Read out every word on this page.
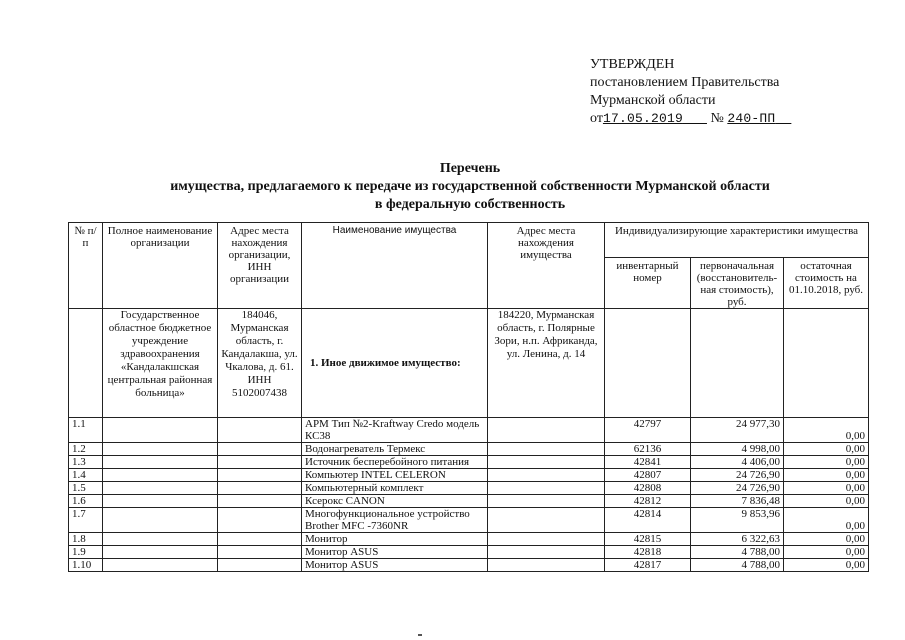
УТВЕРЖДЕН
постановлением Правительства
Мурманской области
от17.05.2019 № 240-ПП
Перечень
имущества, предлагаемого к передаче из государственной собственности Мурманской области
в федеральную собственность
№ п/п	Полное наименование организации	Адрес места нахождения организации, ИНН организации	Наименование имущества	Адрес места нахождения имущества	Индивидуализирующие характеристики имущества		
					инвентарный номер	первоначальная (восстановитель-ная стоимость), руб.	остаточная стоимость на 01.10.2018, руб.
	Государственное областное бюджетное учреждение здравоохранения «Кандалакшская центральная районная больница»	184046, Мурманская область, г. Кандалакша, ул. Чкалова, д. 61. ИНН 5102007438	1. Иное движимое имущество:	184220, Мурманская область, г. Полярные Зори, н.п. Африканда, ул. Ленина, д. 14			
1.1			АРМ Тип №2-Kraftway Credo модель КС38		42797	24 977,30	0,00
1.2			Водонагреватель Термекс		62136	4 998,00	0,00
1.3			Источник бесперебойного питания		42841	4 406,00	0,00
1.4			Компьютер INTEL CELERON		42807	24 726,90	0,00
1.5			Компьютерный комплект		42808	24 726,90	0,00
1.6			Ксерокс CANON		42812	7 836,48	0,00
1.7			Многофункциональное устройство Brother MFC -7360NR		42814	9 853,96	0,00
1.8			Монитор		42815	6 322,63	0,00
1.9			Монитор ASUS		42818	4 788,00	0,00
1.10			Монитор ASUS		42817	4 788,00	0,00
